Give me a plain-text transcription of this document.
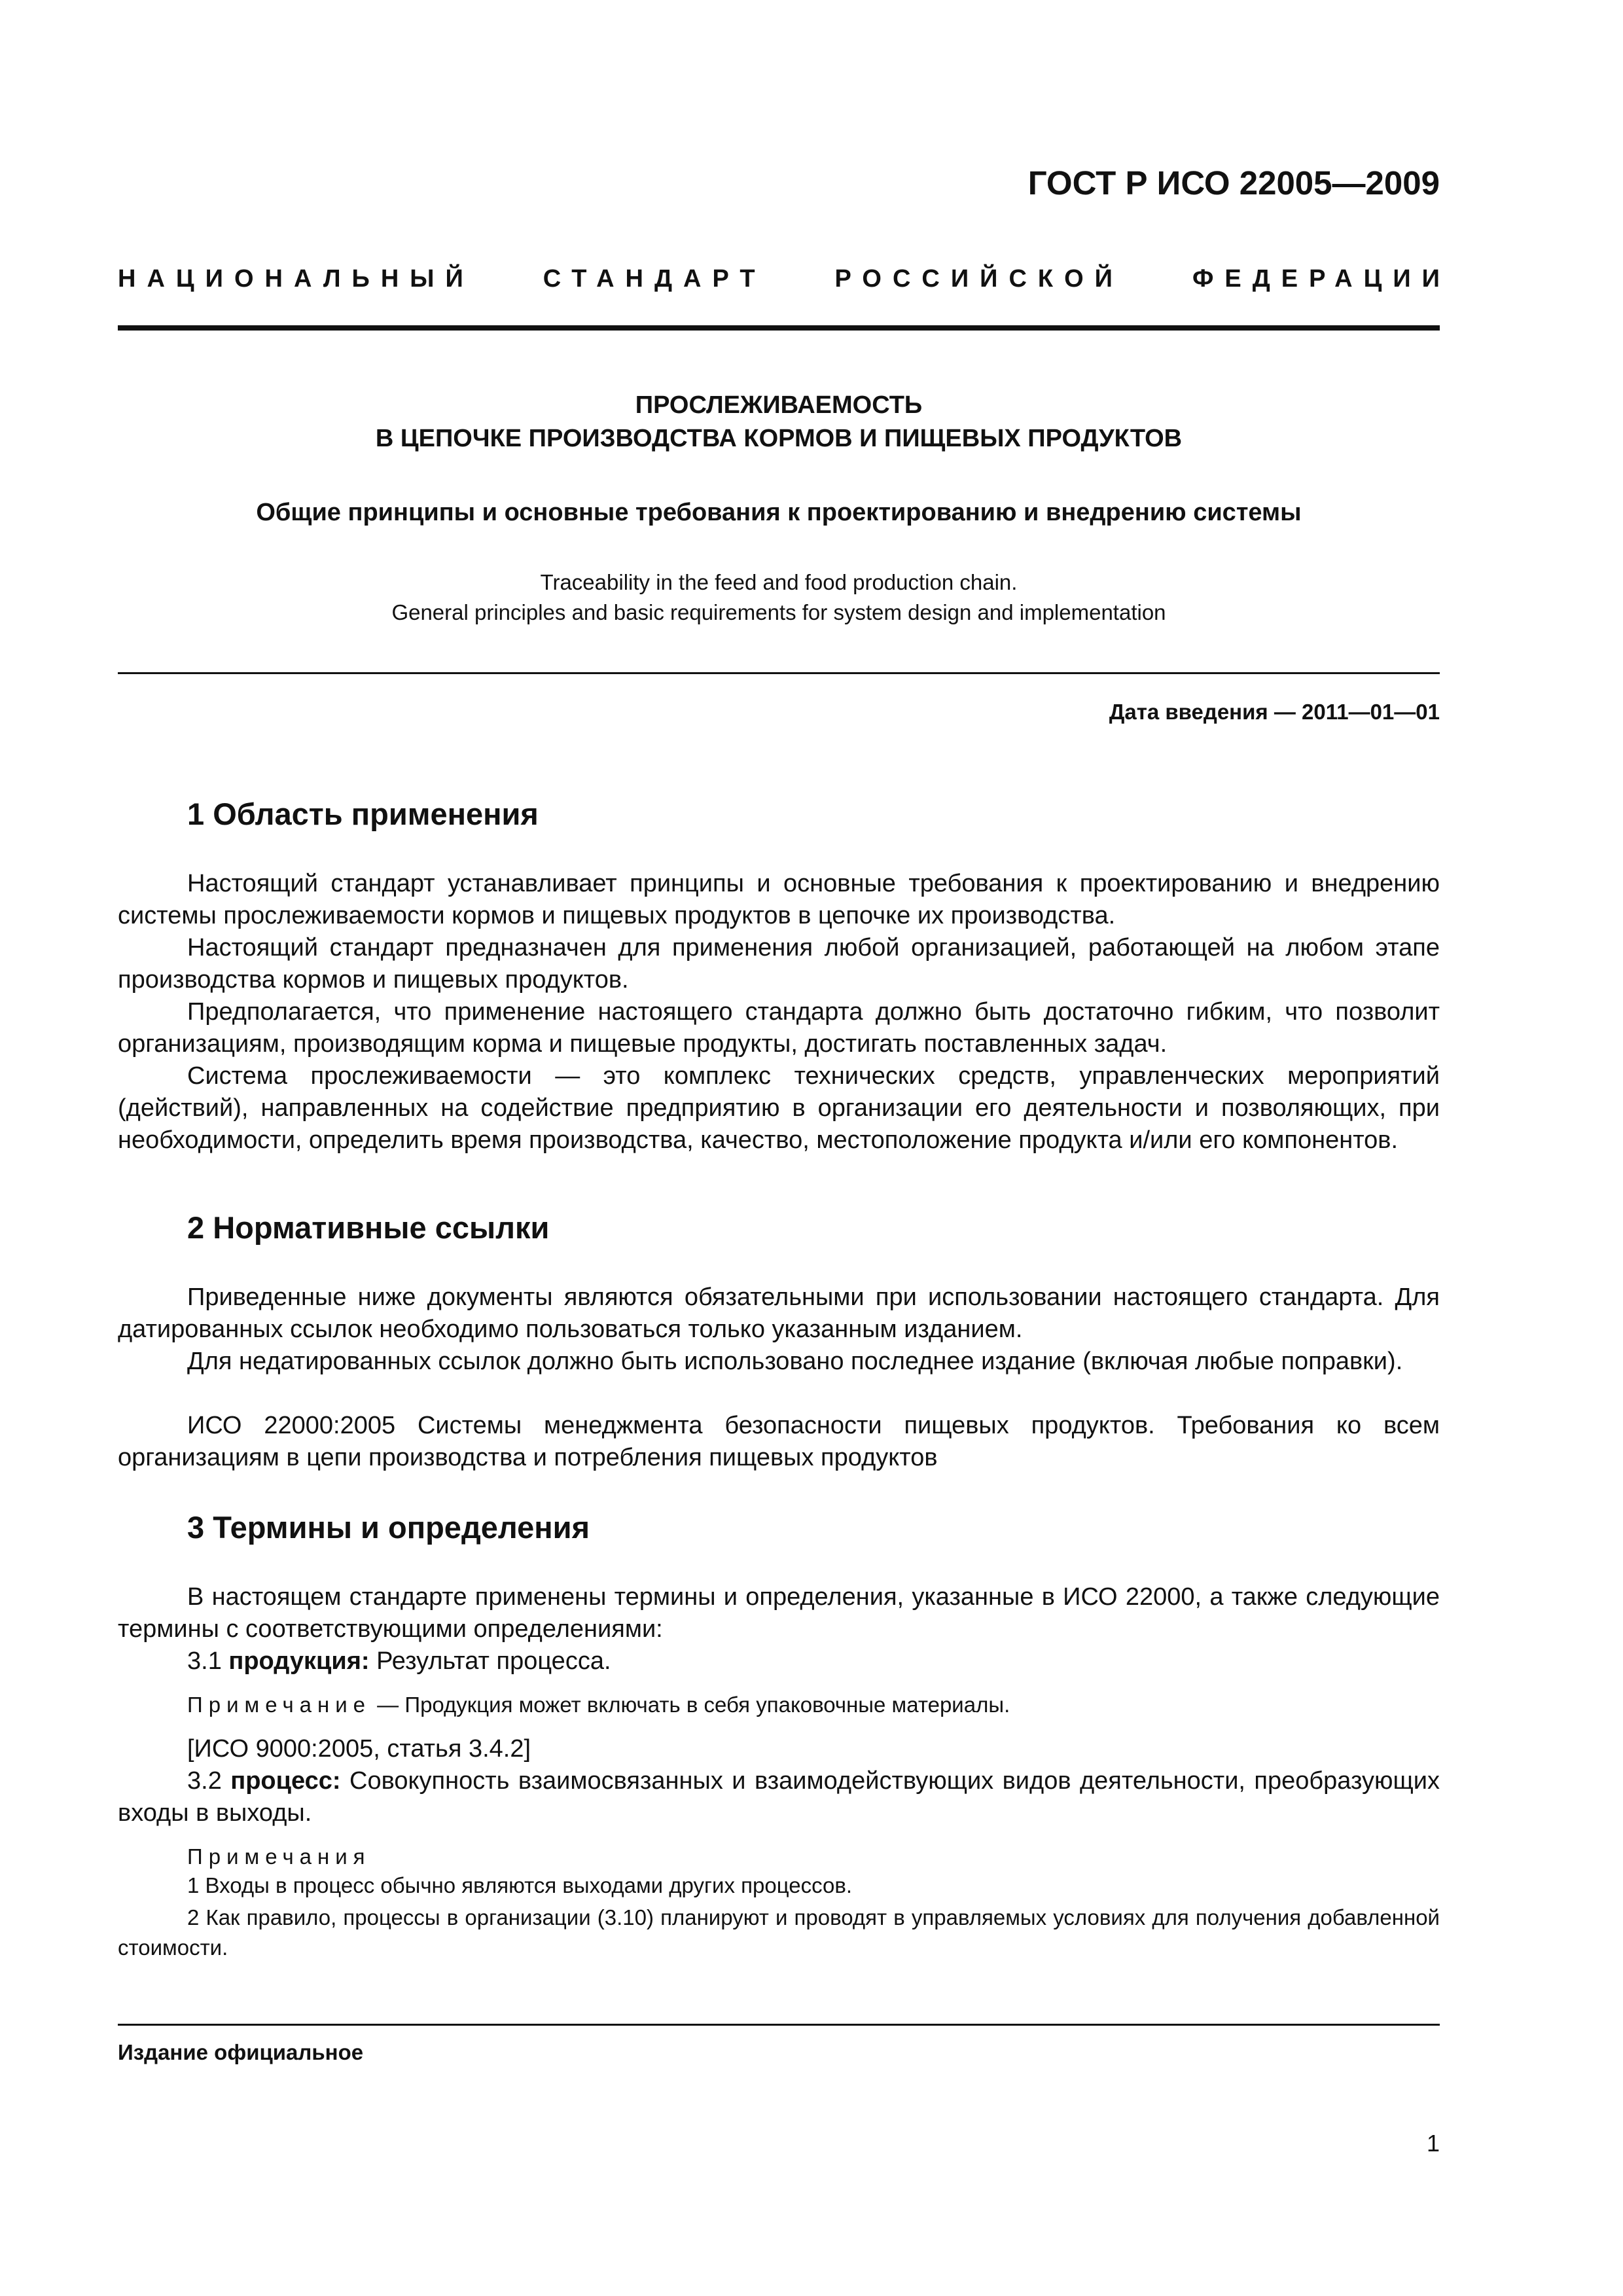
ГОСТ Р ИСО 22005—2009
НАЦИОНАЛЬНЫЙ	СТАНДАРТ	РОССИЙСКОЙ	ФЕДЕРАЦИИ
ПРОСЛЕЖИВАЕМОСТЬ
В ЦЕПОЧКЕ ПРОИЗВОДСТВА КОРМОВ И ПИЩЕВЫХ ПРОДУКТОВ
Общие принципы и основные требования к проектированию и внедрению системы
Traceability in the feed and food production chain.
General principles and basic requirements for system design and implementation
Дата введения — 2011—01—01
1 Область применения

Настоящий стандарт устанавливает принципы и основные требования к проектированию и внедрению системы прослеживаемости кормов и пищевых продуктов в цепочке их производства.

Настоящий стандарт предназначен для применения любой организацией, работающей на любом этапе производства кормов и пищевых продуктов.

Предполагается, что применение настоящего стандарта должно быть достаточно гибким, что позволит организациям, производящим корма и пищевые продукты, достигать поставленных задач.

Система прослеживаемости — это комплекс технических средств, управленческих мероприятий (действий), направленных на содействие предприятию в организации его деятельности и позволяющих, при необходимости, определить время производства, качество, местоположение продукта и/или его компонентов.

2 Нормативные ссылки

Приведенные ниже документы являются обязательными при использовании настоящего стандарта. Для датированных ссылок необходимо пользоваться только указанным изданием.

Для недатированных ссылок должно быть использовано последнее издание (включая любые поправки).

ИСО 22000:2005 Системы менеджмента безопасности пищевых продуктов. Требования ко всем организациям в цепи производства и потребления пищевых продуктов

3 Термины и определения

В настоящем стандарте применены термины и определения, указанные в ИСО 22000, а также следующие термины с соответствующими определениями:

3.1 продукция: Результат процесса.

Примечание — Продукция может включать в себя упаковочные материалы.

[ИСО 9000:2005, статья 3.4.2]

3.2 процесс: Совокупность взаимосвязанных и взаимодействующих видов деятельности, преобразующих входы в выходы.

Примечания
1 Входы в процесс обычно являются выходами других процессов.

2 Как правило, процессы в организации (3.10) планируют и проводят в управляемых условиях для получения добавленной стоимости.

Издание официальное
1
